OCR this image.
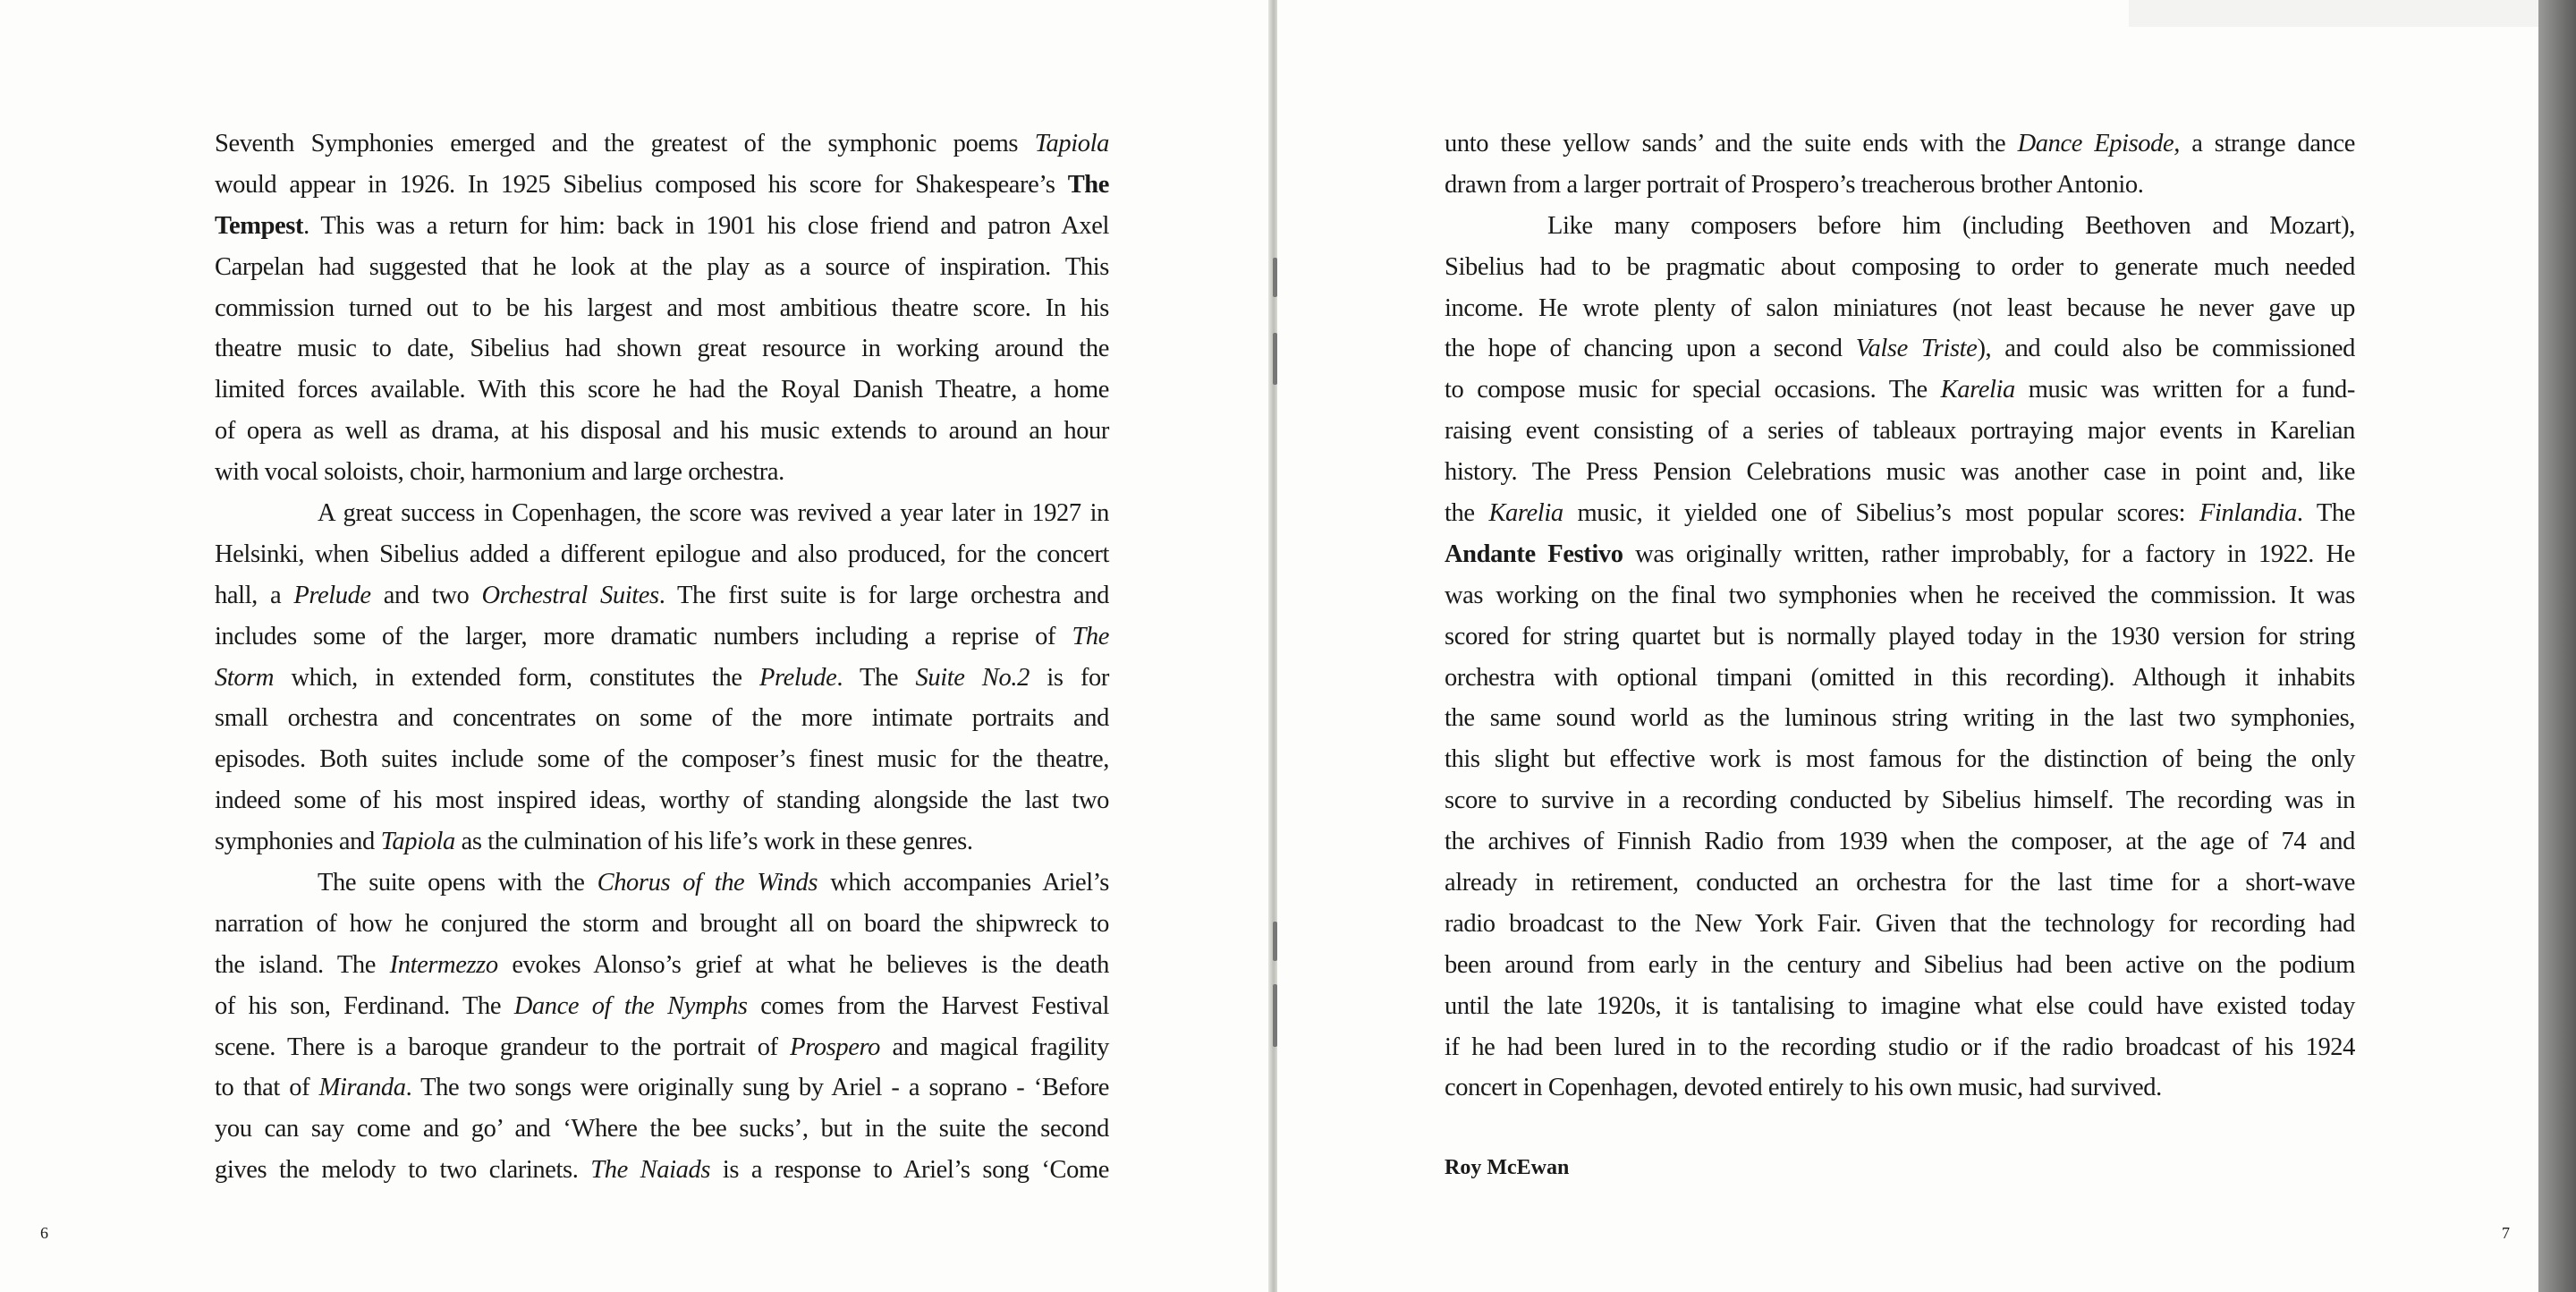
Seventh Symphonies emerged and the greatest of the symphonic poems Tapiola
would appear in 1926. In 1925 Sibelius composed his score for Shakespeare’s The
Tempest. This was a return for him: back in 1901 his close friend and patron Axel
Carpelan had suggested that he look at the play as a source of inspiration. This
commission turned out to be his largest and most ambitious theatre score. In his
theatre music to date, Sibelius had shown great resource in working around the
limited forces available. With this score he had the Royal Danish Theatre, a home
of opera as well as drama, at his disposal and his music extends to around an hour
with vocal soloists, choir, harmonium and large orchestra.
A great success in Copenhagen, the score was revived a year later in 1927 in
Helsinki, when Sibelius added a different epilogue and also produced, for the concert
hall, a Prelude and two Orchestral Suites. The first suite is for large orchestra and
includes some of the larger, more dramatic numbers including a reprise of The
Storm which, in extended form, constitutes the Prelude. The Suite No.2 is for
small orchestra and concentrates on some of the more intimate portraits and
episodes. Both suites include some of the composer’s finest music for the theatre,
indeed some of his most inspired ideas, worthy of standing alongside the last two
symphonies and Tapiola as the culmination of his life’s work in these genres.
The suite opens with the Chorus of the Winds which accompanies Ariel’s
narration of how he conjured the storm and brought all on board the shipwreck to
the island. The Intermezzo evokes Alonso’s grief at what he believes is the death
of his son, Ferdinand. The Dance of the Nymphs comes from the Harvest Festival
scene. There is a baroque grandeur to the portrait of Prospero and magical fragility
to that of Miranda. The two songs were originally sung by Ariel - a soprano - ‘Before
you can say come and go’ and ‘Where the bee sucks’, but in the suite the second
gives the melody to two clarinets. The Naiads is a response to Ariel’s song ‘Come
6
unto these yellow sands’ and the suite ends with the Dance Episode, a strange dance
drawn from a larger portrait of Prospero’s treacherous brother Antonio.
Like many composers before him (including Beethoven and Mozart),
Sibelius had to be pragmatic about composing to order to generate much needed
income. He wrote plenty of salon miniatures (not least because he never gave up
the hope of chancing upon a second Valse Triste), and could also be commissioned
to compose music for special occasions. The Karelia music was written for a fund-
raising event consisting of a series of tableaux portraying major events in Karelian
history. The Press Pension Celebrations music was another case in point and, like
the Karelia music, it yielded one of Sibelius’s most popular scores: Finlandia. The
Andante Festivo was originally written, rather improbably, for a factory in 1922. He
was working on the final two symphonies when he received the commission. It was
scored for string quartet but is normally played today in the 1930 version for string
orchestra with optional timpani (omitted in this recording). Although it inhabits
the same sound world as the luminous string writing in the last two symphonies,
this slight but effective work is most famous for the distinction of being the only
score to survive in a recording conducted by Sibelius himself. The recording was in
the archives of Finnish Radio from 1939 when the composer, at the age of 74 and
already in retirement, conducted an orchestra for the last time for a short-wave
radio broadcast to the New York Fair. Given that the technology for recording had
been around from early in the century and Sibelius had been active on the podium
until the late 1920s, it is tantalising to imagine what else could have existed today
if he had been lured in to the recording studio or if the radio broadcast of his 1924
concert in Copenhagen, devoted entirely to his own music, had survived.
Roy McEwan
7
